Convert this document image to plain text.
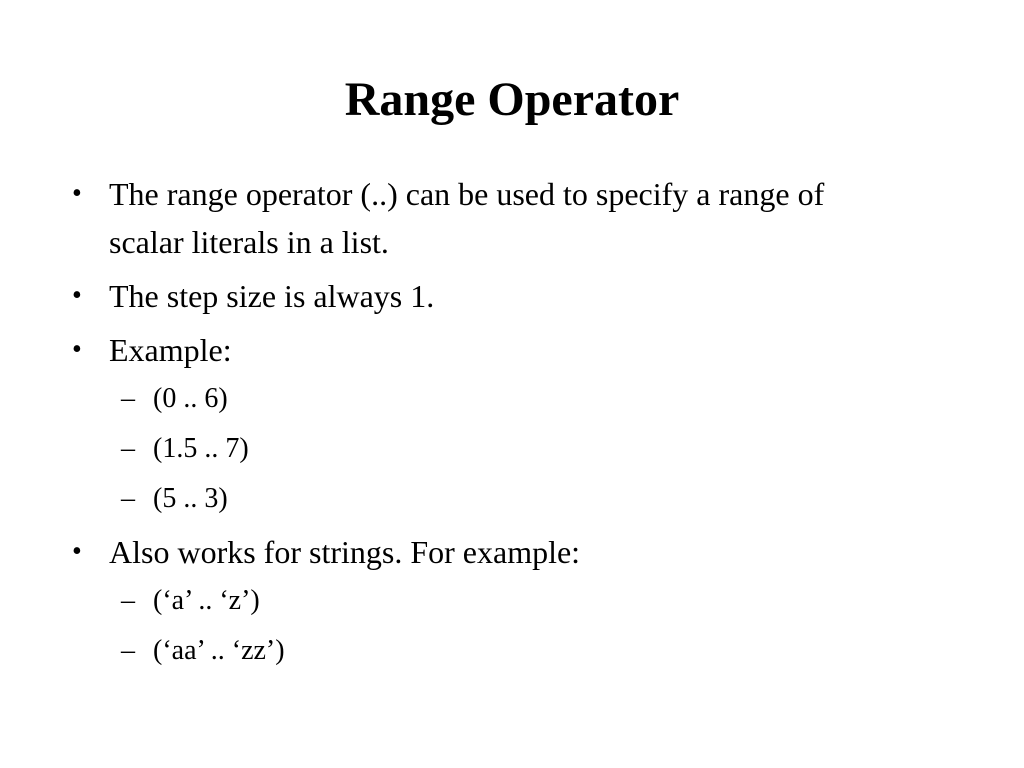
Range Operator
• The range operator (..) can be used to specify a range of scalar literals in a list.
• The step size is always 1.
• Example:
– (0 .. 6)
– (1.5 .. 7)
– (5 .. 3)
• Also works for strings. For example:
– (‘a’ .. ‘z’)
– (‘aa’ .. ‘zz’)
